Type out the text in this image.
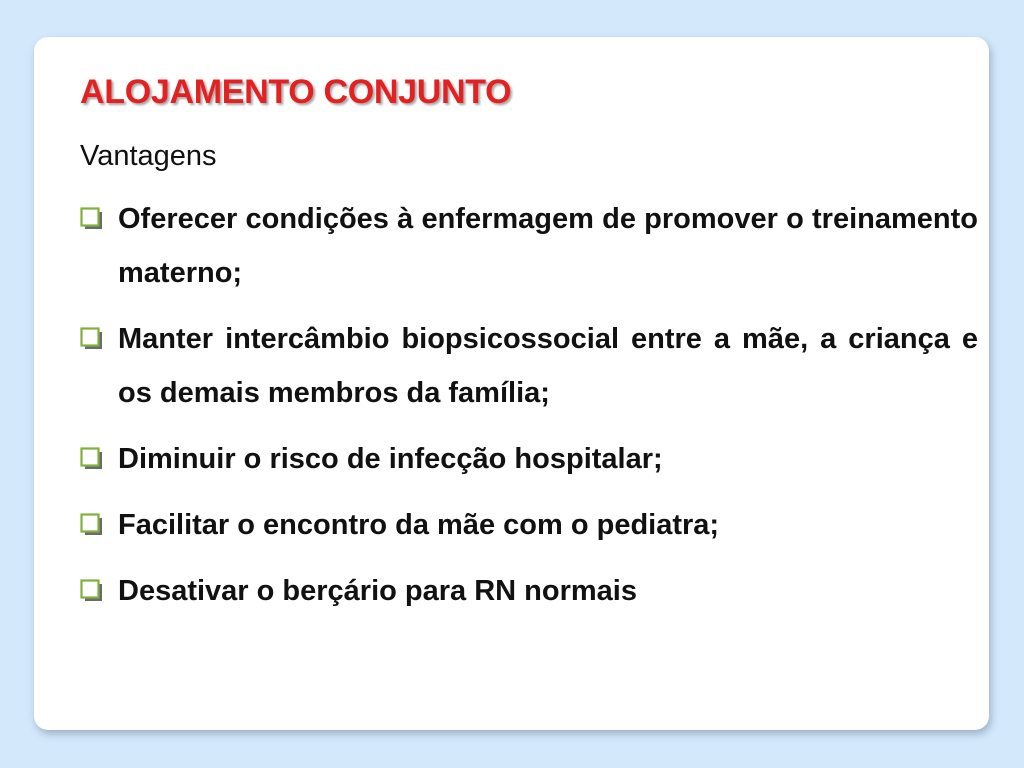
ALOJAMENTO CONJUNTO
Vantagens
Oferecer condições à enfermagem de promover o treinamento materno;
Manter intercâmbio biopsicossocial entre a mãe, a criança e os demais membros da família;
Diminuir o risco de infecção hospitalar;
Facilitar o encontro da mãe com o pediatra;
Desativar o berçário para RN normais
